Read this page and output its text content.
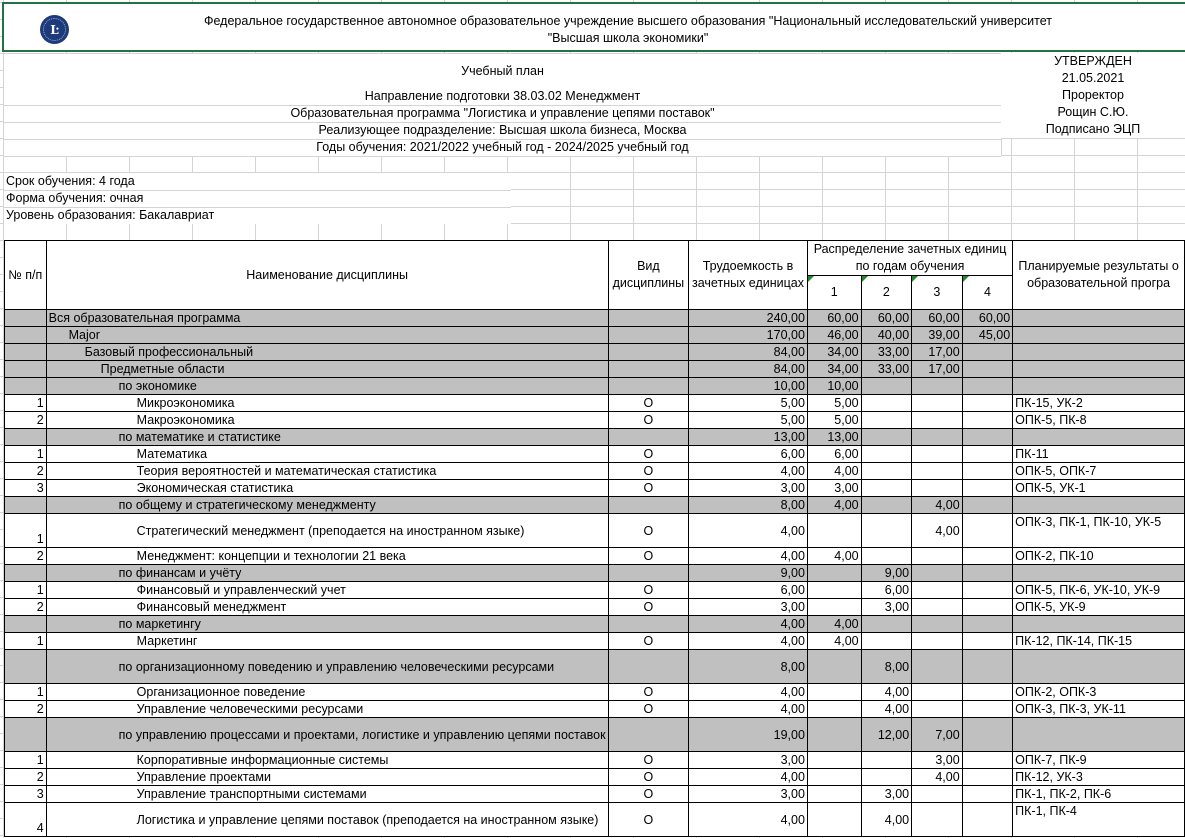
Ŀ
Федеральное государственное автономное образовательное учреждение высшего образования "Национальный исследовательский университет
"Высшая школа экономики"
Учебный план
Направление подготовки 38.03.02 Менеджмент
Образовательная программа "Логистика и управление цепями поставок"
Реализующее подразделение: Высшая школа бизнеса, Москва
Годы обучения: 2021/2022 учебный год - 2024/2025 учебный год
УТВЕРЖДЕН
21.05.2021
Проректор
Рощин С.Ю.
Подписано ЭЦП
Срок обучения: 4 года
Форма обучения: очная
Уровень образования: Бакалавриат
№ п/п	Наименование дисциплины	Вид дисциплины	Трудоемкость в зачетных единицах	Распределение зачетных единиц по годам обучения				Планируемые результаты о образовательной програ
				1	2	3	4	
	Вся образовательная программа		240,00	60,00	60,00	60,00	60,00	
	Major		170,00	46,00	40,00	39,00	45,00	
	Базовый профессиональный		84,00	34,00	33,00	17,00		
	Предметные области		84,00	34,00	33,00	17,00		
	по экономике		10,00	10,00				
1	Микроэкономика	О	5,00	5,00				ПК-15, УК-2
2	Макроэкономика	О	5,00	5,00				ОПК-5, ПК-8
	по математике и статистике		13,00	13,00				
1	Математика	О	6,00	6,00				ПК-11
2	Теория вероятностей и математическая статистика	О	4,00	4,00				ОПК-5, ОПК-7
3	Экономическая статистика	О	3,00	3,00				ОПК-5, УК-1
	по общему и стратегическому менеджменту		8,00	4,00		4,00		
1	Стратегический менеджмент (преподается на иностранном языке)	О	4,00			4,00		ОПК-3, ПК-1, ПК-10, УК-5
2	Менеджмент: концепции и технологии 21 века	О	4,00	4,00				ОПК-2, ПК-10
	по финансам и учёту		9,00		9,00			
1	Финансовый и управленческий учет	О	6,00		6,00			ОПК-5, ПК-6, УК-10, УК-9
2	Финансовый менеджмент	О	3,00		3,00			ОПК-5, УК-9
	по маркетингу		4,00	4,00				
1	Маркетинг	О	4,00	4,00				ПК-12, ПК-14, ПК-15
	по организационному поведению и управлению человеческими ресурсами		8,00		8,00			
1	Организационное поведение	О	4,00		4,00			ОПК-2, ОПК-3
2	Управление человеческими ресурсами	О	4,00		4,00			ОПК-3, ПК-3, УК-11
	по управлению процессами и проектами, логистике и управлению цепями поставок		19,00		12,00	7,00		
1	Корпоративные информационные системы	О	3,00			3,00		ОПК-7, ПК-9
2	Управление проектами	О	4,00			4,00		ПК-12, УК-3
3	Управление транспортными системами	О	3,00		3,00			ПК-1, ПК-2, ПК-6
4	Логистика и управление цепями поставок (преподается на иностранном языке)	О	4,00		4,00			ПК-1, ПК-4
